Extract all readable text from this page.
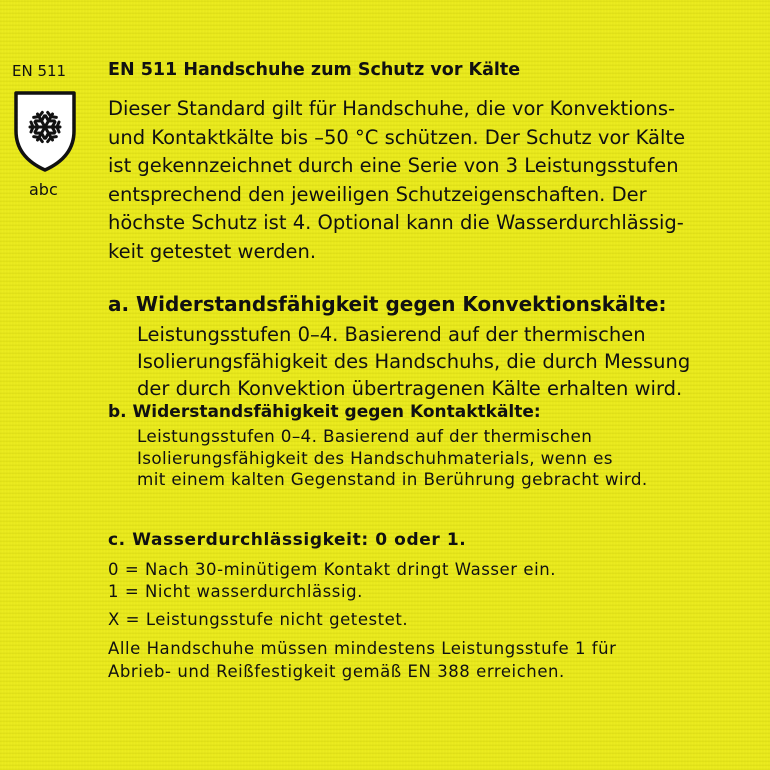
EN 511
abc
EN 511 Handschuhe zum Schutz vor Kälte
Dieser Standard gilt für Handschuhe, die vor Konvektions-
und Kontaktkälte bis –50 °C schützen. Der Schutz vor Kälte
ist gekennzeichnet durch eine Serie von 3 Leistungsstufen
entsprechend den jeweiligen Schutzeigenschaften. Der
höchste Schutz ist 4. Optional kann die Wasserdurchlässig-
keit getestet werden.
a. Widerstandsfähigkeit gegen Konvektionskälte:
Leistungsstufen 0–4. Basierend auf der thermischen
Isolierungsfähigkeit des Handschuhs, die durch Messung
der durch Konvektion übertragenen Kälte erhalten wird.
b. Widerstandsfähigkeit gegen Kontaktkälte:
Leistungsstufen 0–4. Basierend auf der thermischen
Isolierungsfähigkeit des Handschuhmaterials, wenn es
mit einem kalten Gegenstand in Berührung gebracht wird.
c. Wasserdurchlässigkeit: 0 oder 1.
0 = Nach 30-minütigem Kontakt dringt Wasser ein.
1 = Nicht wasserdurchlässig.
X = Leistungsstufe nicht getestet.
Alle Handschuhe müssen mindestens Leistungsstufe 1 für
Abrieb- und Reißfestigkeit gemäß EN 388 erreichen.
